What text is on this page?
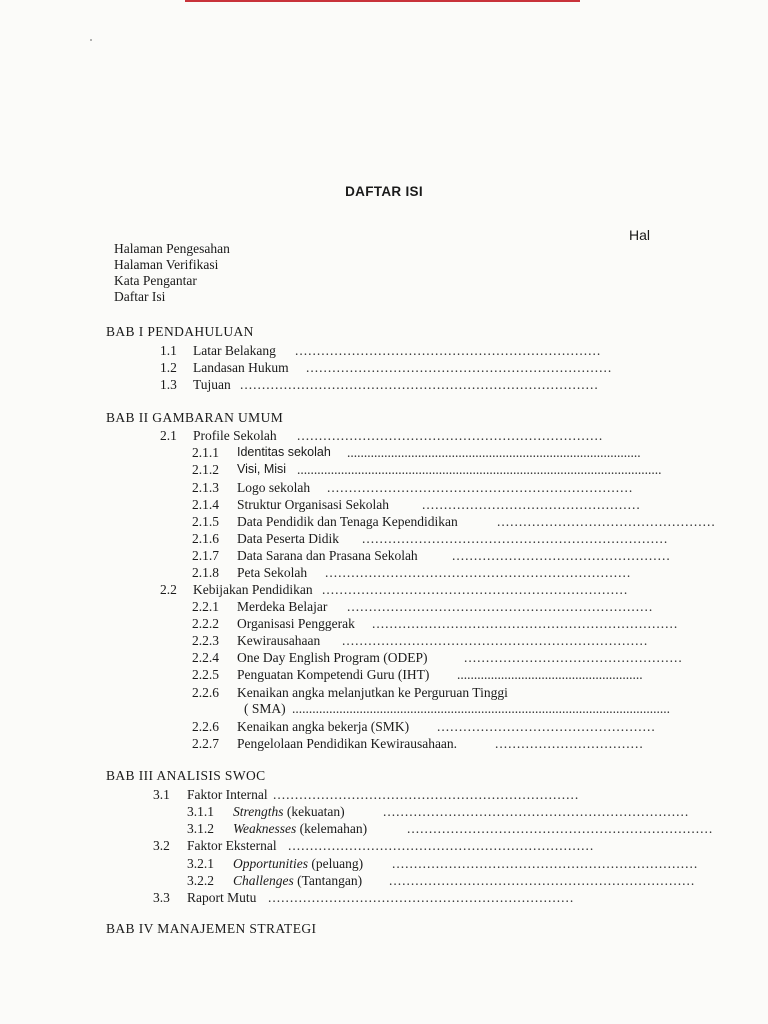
DAFTAR ISI
Hal
Halaman Pengesahan
Halaman Verifikasi
Kata Pengantar
Daftar Isi
BAB I PENDAHULUAN
1.1 Latar Belakang ......................................................................
1.2 Landasan Hukum ......................................................................
1.3 Tujuan ..................................................................................
BAB II GAMBARAN UMUM
2.1 Profile Sekolah ......................................................................
2.1.1 Identitas sekolah .......................................................................................
2.1.2 Visi, Misi ............................................................................................................
2.1.3 Logo sekolah ......................................................................
2.1.4 Struktur Organisasi Sekolah ..................................................
2.1.5 Data Pendidik dan Tenaga Kependidikan	..................................................
2.1.6 Data Peserta Didik ......................................................................
2.1.7 Data Sarana dan Prasana Sekolah	..................................................
2.1.8 Peta Sekolah ......................................................................
2.2 Kebijakan Pendidikan ......................................................................
2.2.1 Merdeka Belajar ......................................................................
2.2.2 Organisasi Penggerak ......................................................................
2.2.3 Kewirausahaan ......................................................................
2.2.4 One Day English Program (ODEP)	..................................................
2.2.5 Penguatan Kompetendi Guru (IHT) .......................................................
2.2.6 Kenaikan angka melanjutkan ke Perguruan Tinggi
( SMA) ................................................................................................................
2.2.6 Kenaikan angka bekerja (SMK) ..................................................
2.2.7 Pengelolaan Pendidikan Kewirausahaan.	..................................
BAB III ANALISIS SWOC
3.1 Faktor Internal ......................................................................
3.1.1 Strengths (kekuatan)	......................................................................
3.1.2 Weaknesses (kelemahan)	......................................................................
3.2 Faktor Eksternal ......................................................................
3.2.1 Opportunities (peluang) ......................................................................
3.2.2 Challenges (Tantangan) ......................................................................
3.3 Raport Mutu ......................................................................
BAB IV MANAJEMEN STRATEGI
